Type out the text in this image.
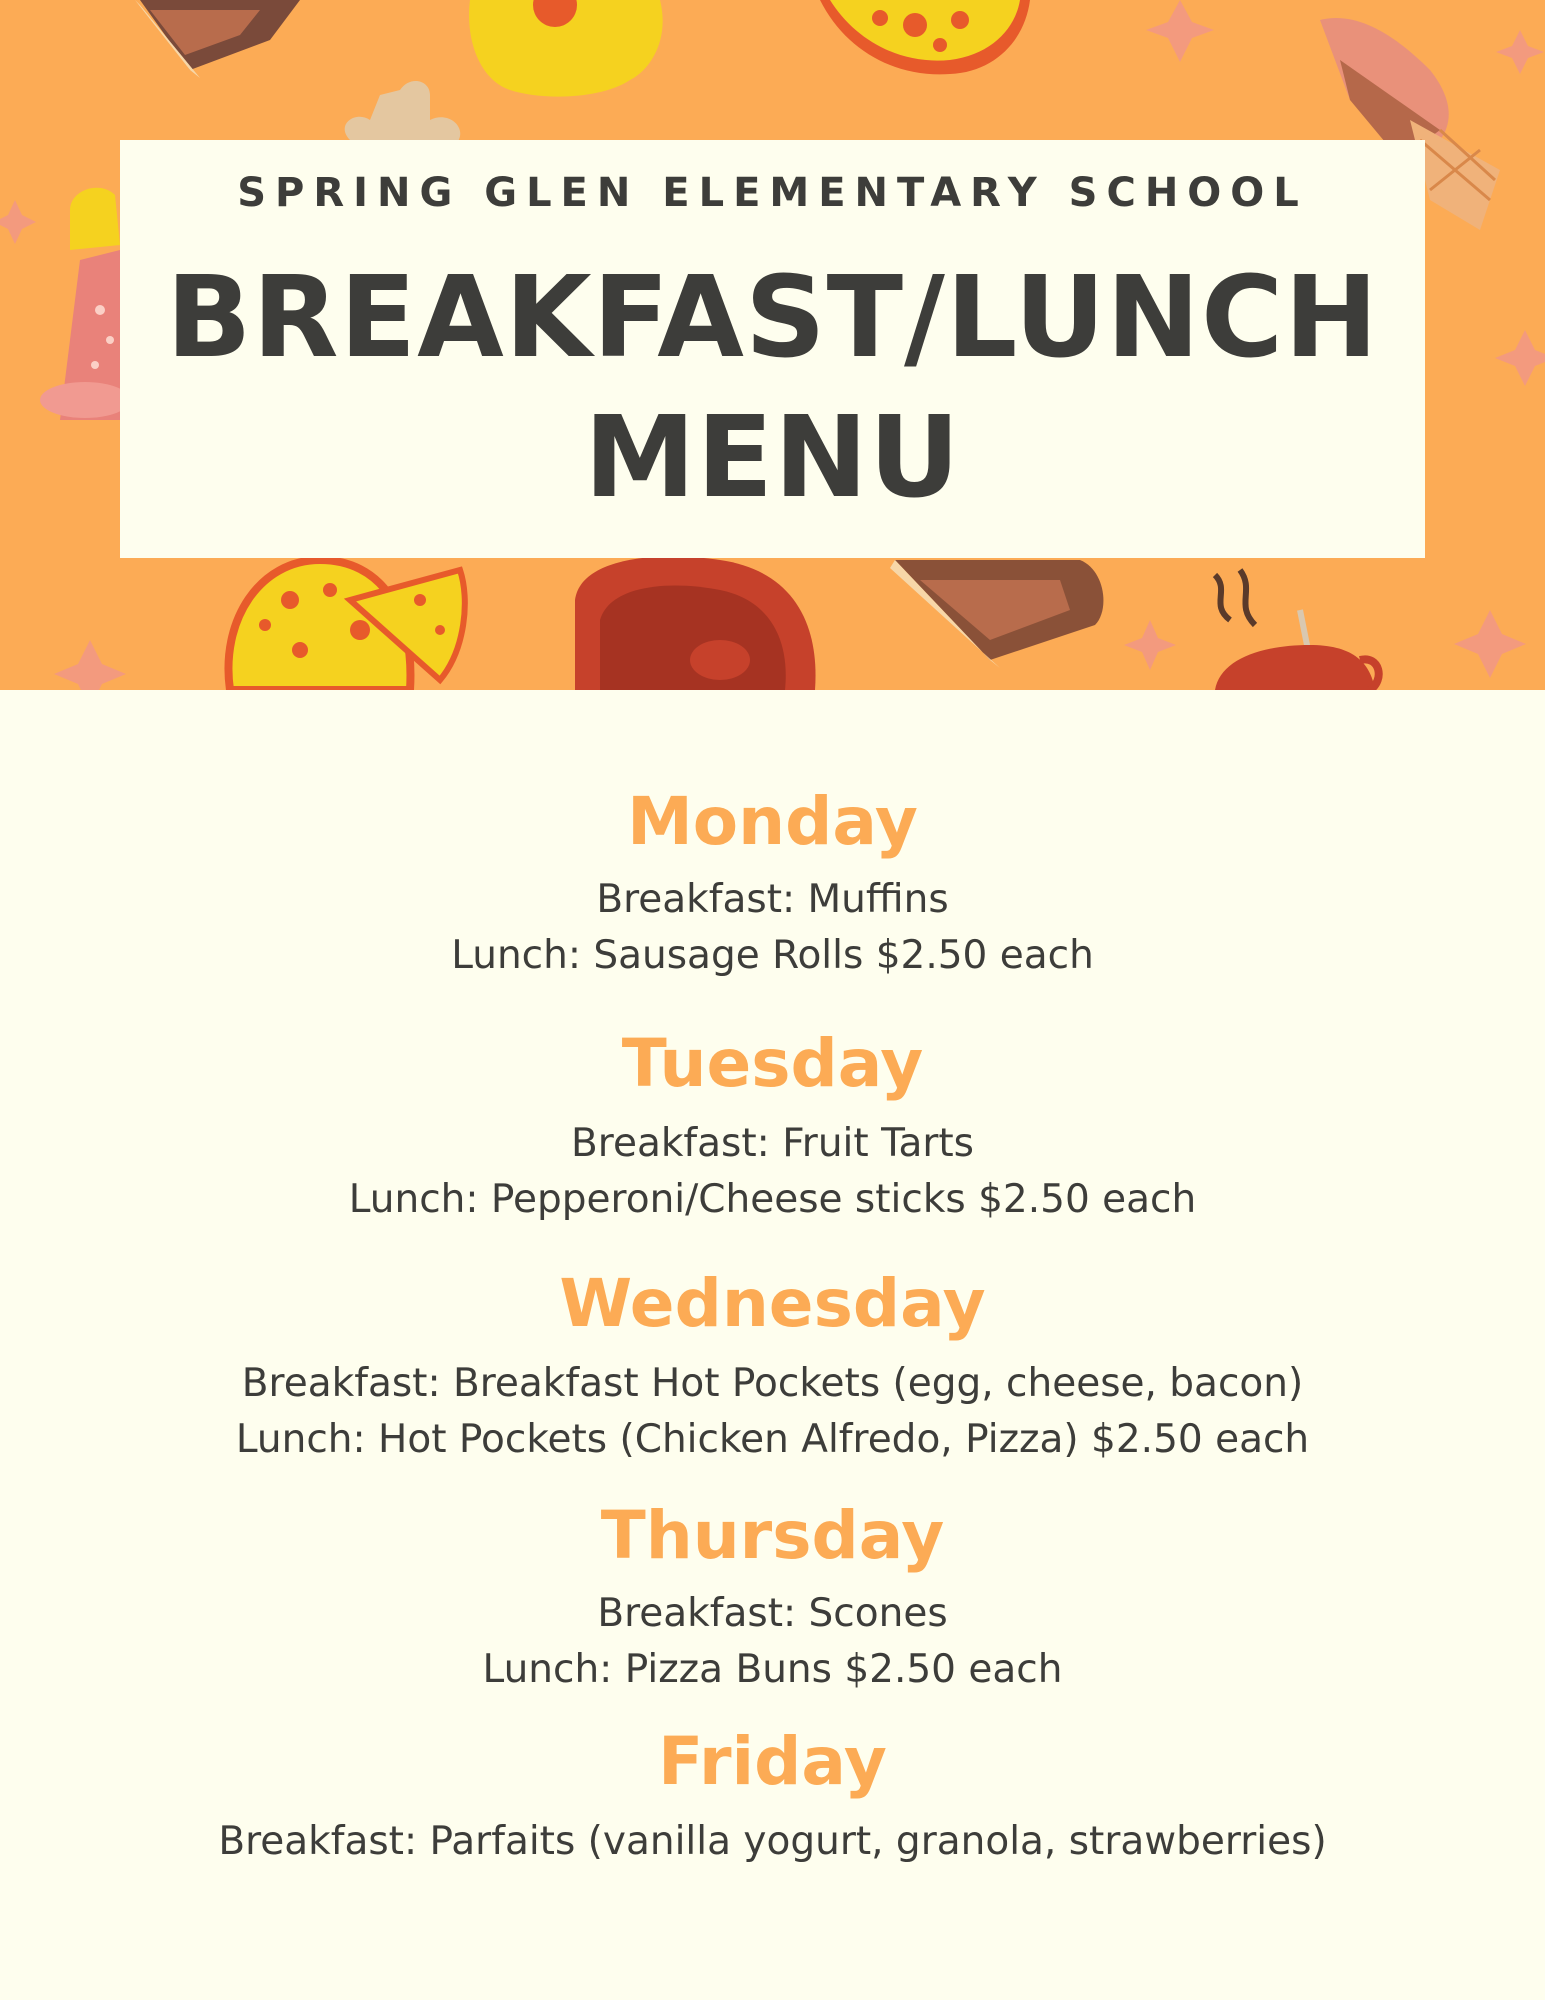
SPRING GLEN ELEMENTARY SCHOOL
BREAKFAST/LUNCH
MENU

Monday

Breakfast: Muffins

Lunch: Sausage Rolls $2.50 each

Tuesday

Breakfast: Fruit Tarts

Lunch: Pepperoni/Cheese sticks $2.50 each

Wednesday

Breakfast: Breakfast Hot Pockets (egg, cheese, bacon)

Lunch: Hot Pockets (Chicken Alfredo, Pizza) $2.50 each

Thursday

Breakfast: Scones

Lunch: Pizza Buns $2.50 each

Friday

Breakfast: Parfaits (vanilla yogurt, granola, strawberries)
